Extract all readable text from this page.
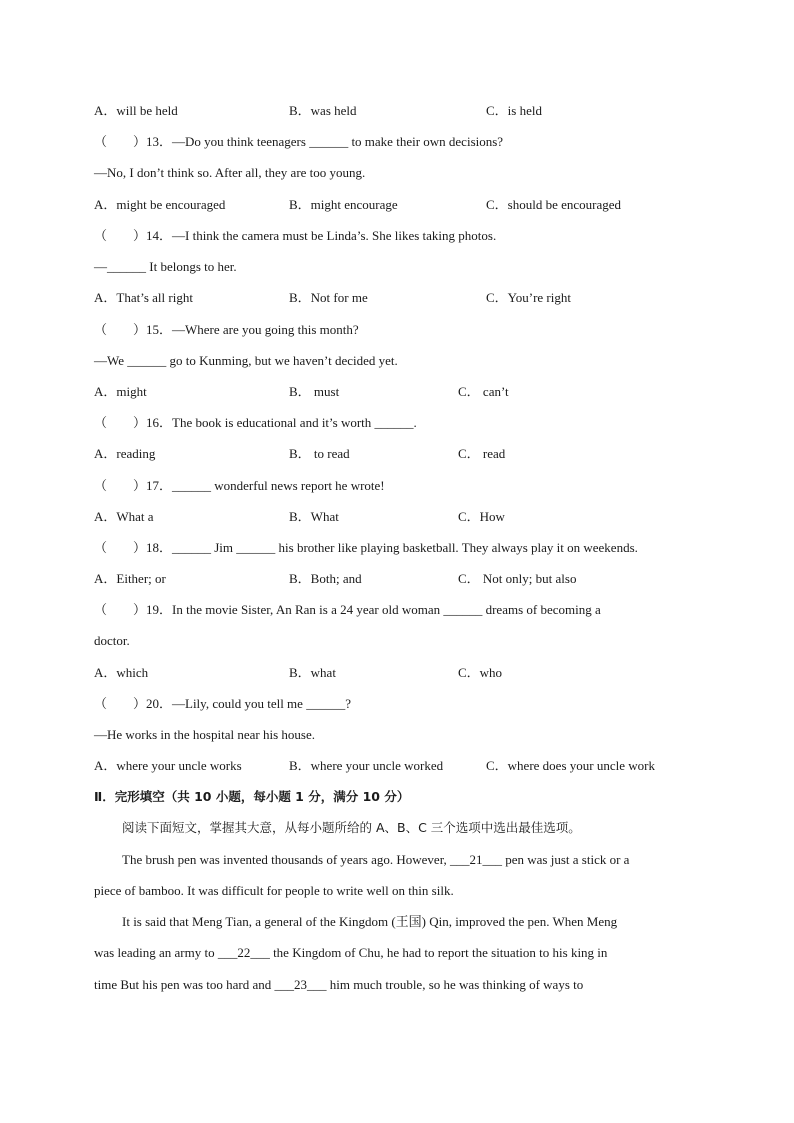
A．will be held	B．was held	C．is held
（　　）13．—Do you think teenagers ______ to make their own decisions?
—No, I don’t think so. After all, they are too young.
A．might be encouraged	B．might encourage	C．should be encouraged
（　　）14．—I think the camera must be Linda’s. She likes taking photos.
—______ It belongs to her.
A．That’s all right	B．Not for me	C．You’re right
（　　）15．—Where are you going this month?
—We ______ go to Kunming, but we haven’t decided yet.
A．might	B． must	C． can’t
（　　）16．The book is educational and it’s worth ______.
A．reading	B． to read	C． read
（　　）17．______ wonderful news report he wrote!
A．What a	B．What	C．How
（　　）18．______ Jim ______ his brother like playing basketball. They always play it on weekends.
A．Either; or	B．Both; and	C． Not only; but also
（　　）19．In the movie Sister, An Ran is a 24 year old woman ______ dreams of becoming a
doctor.
A．which	B．what	C．who
（　　）20．—Lily, could you tell me ______?
—He works in the hospital near his house.
A．where your uncle works	B．where your uncle worked	C．where does your uncle work
Ⅱ．完形填空（共 10 小题，每小题 1 分，满分 10 分）
阅读下面短文，掌握其大意，从每小题所给的 A、B、C 三个选项中选出最佳选项。
The brush pen was invented thousands of years ago. However, ___21___ pen was just a stick or a
piece of bamboo. It was difficult for people to write well on thin silk.
It is said that Meng Tian, a general of the Kingdom (王国) Qin, improved the pen. When Meng
was leading an army to ___22___ the Kingdom of Chu, he had to report the situation to his king in
time But his pen was too hard and ___23___ him much trouble, so he was thinking of ways to
